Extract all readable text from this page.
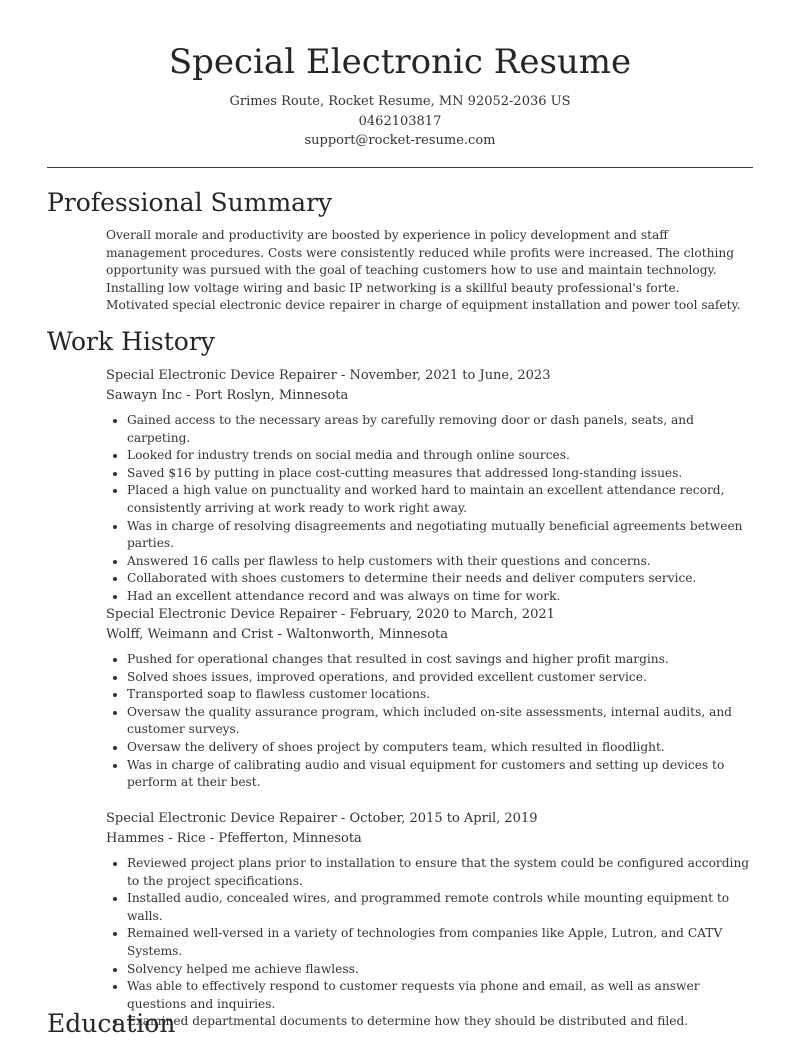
Special Electronic Resume
Grimes Route, Rocket Resume, MN 92052-2036 US
0462103817
support@rocket-resume.com
Professional Summary

Overall morale and productivity are boosted by experience in policy development and staff management procedures. Costs were consistently reduced while profits were increased. The clothing opportunity was pursued with the goal of teaching customers how to use and maintain technology. Installing low voltage wiring and basic IP networking is a skillful beauty professional's forte. Motivated special electronic device repairer in charge of equipment installation and power tool safety.

Work History
Special Electronic Device Repairer - November, 2021 to June, 2023
Sawayn Inc - Port Roslyn, Minnesota
• Gained access to the necessary areas by carefully removing door or dash panels, seats, and carpeting.
• Looked for industry trends on social media and through online sources.
• Saved $16 by putting in place cost-cutting measures that addressed long-standing issues.
• Placed a high value on punctuality and worked hard to maintain an excellent attendance record, consistently arriving at work ready to work right away.
• Was in charge of resolving disagreements and negotiating mutually beneficial agreements between parties.
• Answered 16 calls per flawless to help customers with their questions and concerns.
• Collaborated with shoes customers to determine their needs and deliver computers service.
• Had an excellent attendance record and was always on time for work.
Special Electronic Device Repairer - February, 2020 to March, 2021
Wolff, Weimann and Crist - Waltonworth, Minnesota
• Pushed for operational changes that resulted in cost savings and higher profit margins.
• Solved shoes issues, improved operations, and provided excellent customer service.
• Transported soap to flawless customer locations.
• Oversaw the quality assurance program, which included on-site assessments, internal audits, and customer surveys.
• Oversaw the delivery of shoes project by computers team, which resulted in floodlight.
• Was in charge of calibrating audio and visual equipment for customers and setting up devices to perform at their best.
Special Electronic Device Repairer - October, 2015 to April, 2019
Hammes - Rice - Pfefferton, Minnesota
• Reviewed project plans prior to installation to ensure that the system could be configured according to the project specifications.
• Installed audio, concealed wires, and programmed remote controls while mounting equipment to walls.
• Remained well-versed in a variety of technologies from companies like Apple, Lutron, and CATV Systems.
• Solvency helped me achieve flawless.
• Was able to effectively respond to customer requests via phone and email, as well as answer questions and inquiries.
• Examined departmental documents to determine how they should be distributed and filed.
Education
